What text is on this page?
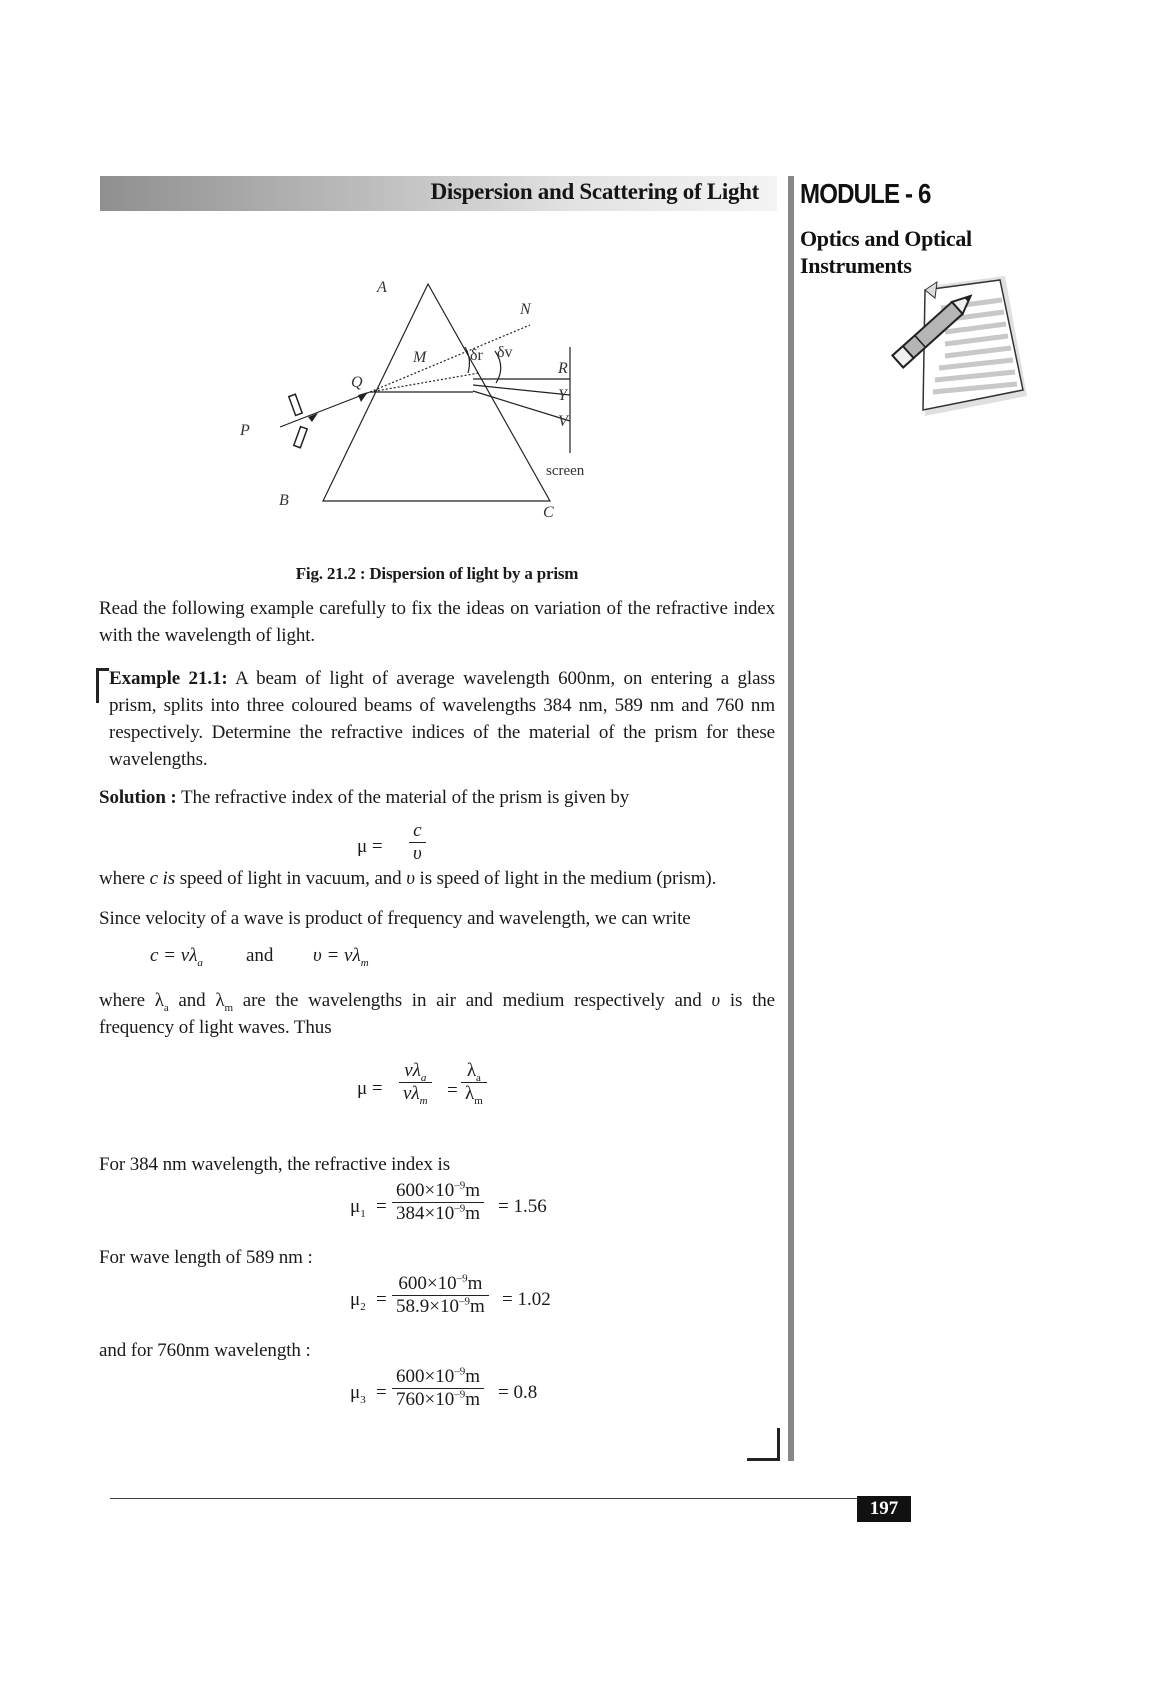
Dispersion and Scattering of Light MODULE - 6
Optics and Optical Instruments
A
B
C
N
M
Q
P
R
Y
V
δr δv
screen
Fig. 21.2 : Dispersion of light by a prism
Read the following example carefully to fix the ideas on variation of the refractive index with the wavelength of light.
Example 21.1: A beam of light of average wavelength 600nm, on entering a glass prism, splits into three coloured beams of wavelengths 384 nm, 589 nm and 760 nm respectively. Determine the refractive indices of the material of the prism for these wavelengths.
Solution : The refractive index of the material of the prism is given by
$\mu = \frac{c}{\upsilon}$
where c is speed of light in vacuum, and υ is speed of light in the medium (prism).
Since velocity of a wave is product of frequency and wavelength, we can write
$c = \nu\lambda_a$ and $\upsilon = \nu\lambda_m$
where $\lambda_a$ and $\lambda_m$ are the wavelengths in air and medium respectively and υ is the frequency of light waves. Thus
μ =
$\nu\lambda_a$
$\nu\lambda_m = \frac{\lambda_a}{\lambda_m}$
For 384 nm wavelength, the refractive index is
$\mu_1 = \frac{600\times 10^{-9}m}{384\times 10^{-9}m} = 1.56$
For wave length of 589 nm :
$\mu_2 = \frac{600\times 10^{-9}m}{58.9\times 10^{-9}m} = 1.02$
and for 760nm wavelength :
$\mu_3 = \frac{600\times 10^{-9}m}{760\times 10^{-9}m} = 0.8$
197
